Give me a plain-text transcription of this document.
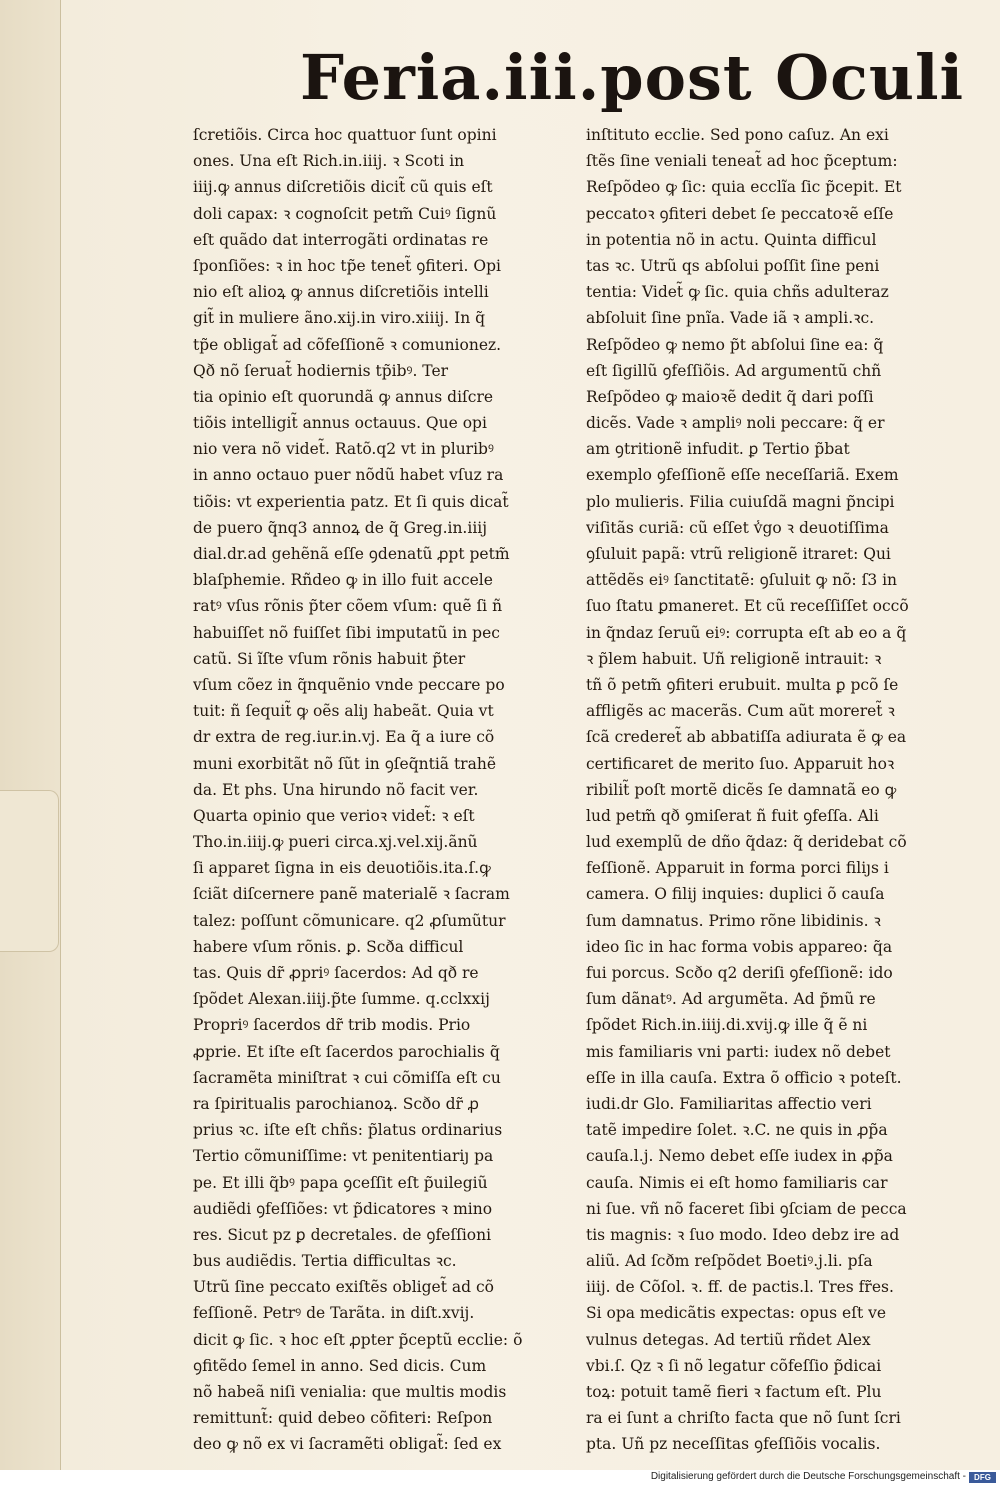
Feria.iii.post Oculi
ſcretiõis. Circa hoc quattuor ſunt opini
ones. Una eſt Rich.in.iiij. ꝛ Scoti in
iiij.ꝙ annus diſcretiõis dicit̃ cũ quis eſt
doli capax: ꝛ cognoſcit petm̃ Cuiꝰ ſignũ
eſt quãdo dat interrogãti ordinatas re
ſponſiões: ꝛ in hoc tp̃e tenet̃ ꝯfiteri. Opi
nio eſt alioꝝ ꝙ annus diſcretiõis intelli
git̃ in muliere ãno.xij.in viro.xiiij. In q̃
tp̃e obligat̃ ad cõfeſſionẽ ꝛ comunionez.
Qð nõ ſeruat̃ hodiernis tp̃ibꝰ. Ter
tia opinio eſt quorundã ꝙ annus diſcre
tiõis intelligit̃ annus octauus. Que opi
nio vera nõ videt̃. Ratõ.q2 vt in pluribꝰ
in anno octauo puer nõdũ habet vſuz ra
tiõis: vt experientia patz. Et ſi quis dicat̃
de puero q̃nq3 annoꝝ de q̃ Greg.in.iiij
dial.dr.ad gehẽnã eſſe ꝯdenatũ ꝓpt petm̃
blaſphemie. Rñdeo ꝙ in illo fuit accele
ratꝰ vſus rõnis p̃ter cõem vſum: quẽ ſi ñ
habuiſſet nõ fuiſſet ſibi imputatũ in pec
catũ. Si ĩſte vſum rõnis habuit p̃ter
vſum cõez in q̃nquẽnio vnde peccare po
tuit: ñ ſequit̃ ꝙ oẽs aliȷ habeãt. Quia vt
dr extra de reg.iur.in.vj. Ea q̃ a iure cõ
muni exorbitãt nõ ſũt in ꝯſeq̃ntiã trahẽ
da. Et phs. Una hirundo nõ facit ver.
Quarta opinio que verioꝛ videt̃: ꝛ eſt
Tho.in.iiij.ꝙ pueri circa.xj.vel.xij.ãnũ
ſi apparet ſigna in eis deuotiõis.ita.ſ.ꝙ
ſciãt diſcernere panẽ materialẽ ꝛ ſacram
talez: poſſunt cõmunicare. q2 ꝓſumũtur
habere vſum rõnis. ꝑ. Scða difficul
tas. Quis dr̃ ꝓpriꝰ ſacerdos: Ad qð re
ſpõdet Alexan.iiij.p̃te ſumme. q.cclxxij
Propriꝰ ſacerdos dr̃ trib modis. Prio
ꝓprie. Et iſte eſt ſacerdos parochialis q̃
ſacramẽta miniſtrat ꝛ cui cõmiſſa eſt cu
ra ſpiritualis parochianoꝝ. Scðo dr̃ ꝓ
prius ꝛc. iſte eſt chñs: p̃latus ordinarius
Tertio cõmuniſſime: vt penitentiariȷ pa
pe. Et illi q̃bꝰ papa ꝯceſſit eſt p̃uilegiũ
audiẽdi ꝯfeſſiões: vt p̃dicatores ꝛ mino
res. Sicut pz ꝑ decretales. de ꝯfeſſioni
bus audiẽdis. Tertia difficultas ꝛc.
Utrũ ſine peccato exiſtẽs obliget̃ ad cõ
feſſionẽ. Petrꝰ de Tarãta. in diſt.xvij.
dicit ꝙ ſic. ꝛ hoc eſt ꝓpter p̃ceptũ ecclie: õ
ꝯfitẽdo ſemel in anno. Sed dicis. Cum
nõ habeã niſi venialia: que multis modis
remittunt̃: quid debeo cõfiteri: Reſpon
deo ꝙ nõ ex vi ſacramẽti obligat̃: ſed ex
inſtituto ecclie. Sed pono caſuz. An exi
ſtẽs ſine veniali teneat̃ ad hoc p̃ceptum:
Reſpõdeo ꝙ ſic: quia ecclĩa ſic p̃cepit. Et
peccatoꝛ ꝯfiteri debet ſe peccatoꝛẽ eſſe
in potentia nõ in actu. Quinta difficul
tas ꝛc. Utrũ qs abſolui poſſit ſine peni
tentia: Videt̃ ꝙ ſic. quia chñs adulteraz
abſoluit ſine pnĩa. Vade iã ꝛ ampli.ꝛc.
Reſpõdeo ꝙ nemo p̃t abſolui ſine ea: q̃
eſt ſigillũ ꝯfeſſiõis. Ad argumentũ chñ
Reſpõdeo ꝙ maioꝛẽ dedit q̃ dari poſſi
dicẽs. Vade ꝛ ampliꝰ noli peccare: q̃ er
am ꝯtritionẽ infudit. ꝑ Tertio p̃bat
exemplo ꝯfeſſionẽ eſſe neceſſariã. Exem
plo mulieris. Filia cuiuſdã magni p̃ncipi
viſitãs curiã: cũ eſſet v̾go ꝛ deuotiſſima
ꝯſuluit papã: vtrũ religionẽ itraret: Qui
attẽdẽs eiꝰ ſanctitatẽ: ꝯſuluit ꝙ nõ: ſ3 in
ſuo ſtatu ꝑmaneret. Et cũ receſſiſſet occõ
in q̃ndaz ſeruũ eiꝰ: corrupta eſt ab eo a q̃
ꝛ p̃lem habuit. Uñ religionẽ intrauit: ꝛ
tñ õ petm̃ ꝯfiteri erubuit. multa ꝑ pcõ ſe
affligẽs ac macerãs. Cum aũt moreret̃ ꝛ
ſcã crederet̃ ab abbatiſſa adiurata ẽ ꝙ ea
certificaret de merito ſuo. Apparuit hoꝛ
ribilit̃ poſt mortẽ dicẽs ſe damnatã eo ꝙ
lud petm̃ qð ꝯmiſerat ñ fuit ꝯfeſſa. Ali
lud exemplũ de dño q̃daz: q̃ deridebat cõ
feſſionẽ. Apparuit in forma porci filiȷs i
camera. O filij inquies: duplici õ cauſa
ſum damnatus. Primo rõne libidinis. ꝛ
ideo ſic in hac forma vobis appareo: q̃a
fui porcus. Scðo q2 deriſi ꝯfeſſionẽ: ido
ſum dãnatꝰ. Ad argumẽta. Ad p̃mũ re
ſpõdet Rich.in.iiij.di.xvij.ꝙ ille q̃ ẽ ni
mis familiaris vni parti: iudex nõ debet
eſſe in illa cauſa. Extra õ officio ꝛ poteſt.
iudi.dr Glo. Familiaritas affectio veri
tatẽ impedire ſolet. ꝛ.C. ne quis in ꝓp̃a
cauſa.l.j. Nemo debet eſſe iudex in ꝓp̃a
cauſa. Nimis ei eſt homo familiaris car
ni ſue. vñ nõ faceret ſibi ꝯſciam de pecca
tis magnis: ꝛ ſuo modo. Ideo debz ire ad
aliũ. Ad ſcðm reſpõdet Boetiꝰ.j.li. pſa
iiij. de Cõſol. ꝛ. ff. de pactis.l. Tres fr̃es.
Si opa medicãtis expectas: opus eſt ve
vulnus detegas. Ad tertiũ rñdet Alex
vbi.ſ. Qz ꝛ ſi nõ legatur cõfeſſio p̃dicai
toꝝ: potuit tamẽ fieri ꝛ factum eſt. Plu
ra ei ſunt a chriſto facta que nõ ſunt ſcri
pta. Uñ pz neceſſitas ꝯfeſſiõis vocalis.
Digitalisierung gefördert durch die Deutsche Forschungsgemeinschaft -	DFG
